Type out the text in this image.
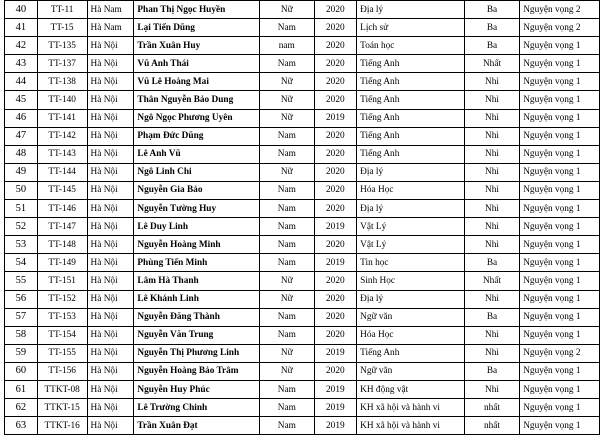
40	TT-11	Hà Nam	Phan Thị Ngọc Huyền	Nữ	2020	Địa lý	Ba	Nguyện vọng 2
41	TT-15	Hà Nam	Lại Tiến Dũng	Nam	2020	Lịch sử	Ba	Nguyện vọng 2
42	TT-135	Hà Nội	Trần Xuân Huy	nam	2020	Toán học	Ba	Nguyện vọng 1
43	TT-137	Hà Nội	Vũ Anh Thái	Nam	2020	Tiếng Anh	Nhất	Nguyện vọng 1
44	TT-138	Hà Nội	Vũ Lê Hoàng Mai	Nữ	2020	Tiếng Anh	Nhì	Nguyện vọng 1
45	TT-140	Hà Nội	Thân Nguyễn Bảo Dung	Nữ	2020	Tiếng Anh	Nhì	Nguyện vọng 1
46	TT-141	Hà Nội	Ngô Ngọc Phương Uyên	Nữ	2019	Tiếng Anh	Nhì	Nguyện vọng 1
47	TT-142	Hà Nội	Phạm Đức Dũng	Nam	2020	Tiếng Anh	Nhì	Nguyện vọng 1
48	TT-143	Hà Nội	Lê Anh Vũ	Nam	2020	Tiếng Anh	Nhì	Nguyện vọng 1
49	TT-144	Hà Nội	Ngô Linh Chi	Nữ	2020	Địa lý	Nhì	Nguyện vọng 1
50	TT-145	Hà Nội	Nguyễn Gia Bảo	Nam	2020	Hóa Học	Nhì	Nguyện vọng 1
51	TT-146	Hà Nội	Nguyễn Tường Huy	Nam	2020	Địa lý	Nhì	Nguyện vọng 1
52	TT-147	Hà Nội	Lê Duy Linh	Nam	2019	Vật Lý	Nhì	Nguyện vọng 1
53	TT-148	Hà Nội	Nguyễn Hoàng Minh	Nam	2020	Vật Lý	Nhì	Nguyện vọng 1
54	TT-149	Hà Nội	Phùng Tiến Minh	Nam	2019	Tin học	Ba	Nguyện vọng 1
55	TT-151	Hà Nội	Lâm Hà Thanh	Nữ	2020	Sinh Học	Nhất	Nguyện vọng 1
56	TT-152	Hà Nội	Lê Khánh Linh	Nữ	2020	Địa lý	Nhì	Nguyện vọng 1
57	TT-153	Hà Nội	Nguyễn Đăng Thành	Nam	2020	Ngữ văn	Ba	Nguyện vọng 1
58	TT-154	Hà Nội	Nguyễn Văn Trung	Nam	2020	Hóa Học	Nhì	Nguyện vọng 1
59	TT-155	Hà Nội	Nguyễn Thị Phương Linh	Nữ	2019	Tiếng Anh	Nhì	Nguyện vọng 2
60	TT-156	Hà Nội	Nguyễn Hoàng Bảo Trâm	Nữ	2020	Ngữ văn	Ba	Nguyện vọng 1
61	TTKT-08	Hà Nội	Nguyễn Huy Phúc	Nam	2019	KH động vật	Nhì	Nguyện vọng 1
62	TTKT-15	Hà Nội	Lê Trường Chinh	Nam	2019	KH xã hội và hành vi	nhất	Nguyện vọng 1
63	TTKT-16	Hà Nội	Trần Xuân Đạt	Nam	2019	KH xã hội và hành vi	nhất	Nguyện vọng 1
